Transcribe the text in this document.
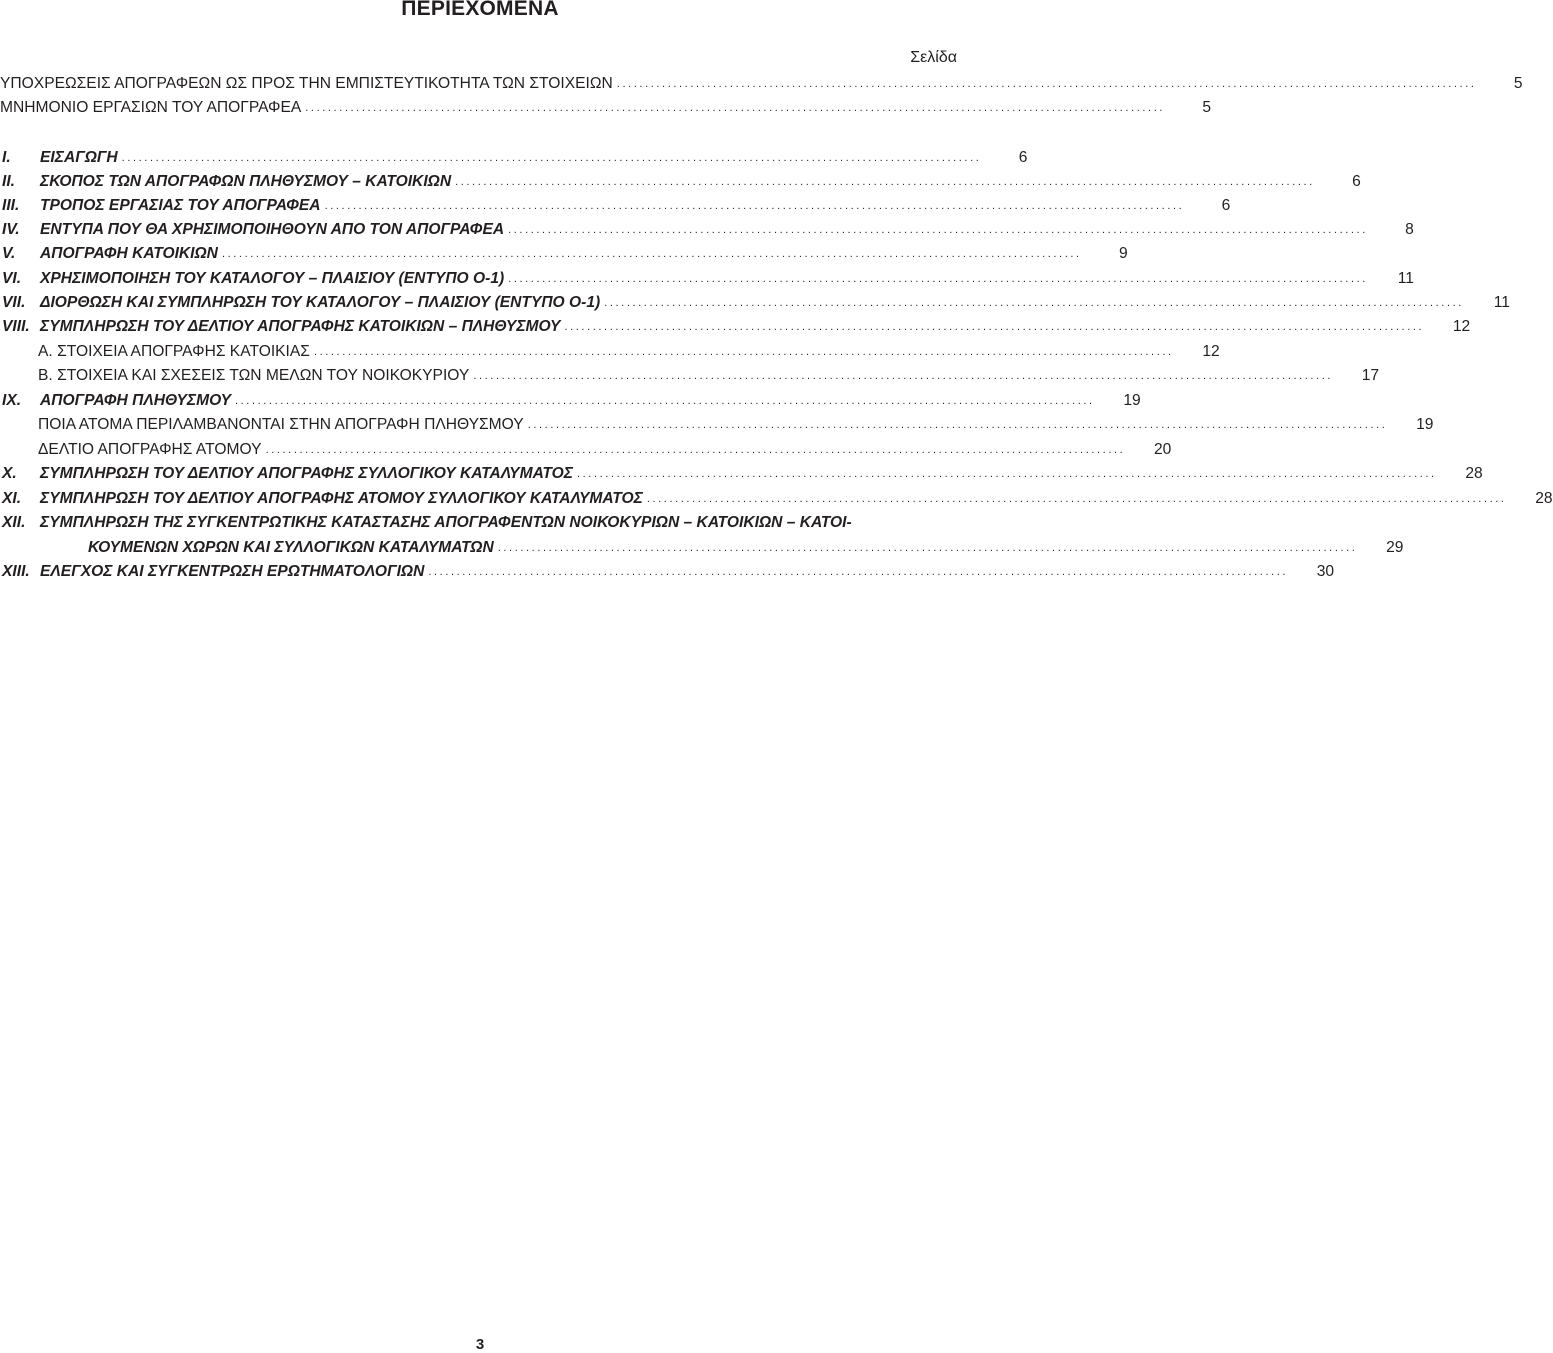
ΠΕΡΙΕΧΟΜΕΝΑ
Σελίδα
ΥΠΟΧΡΕΩΣΕΙΣ ΑΠΟΓΡΑΦΕΩΝ ΩΣ ΠΡΟΣ ΤΗΝ ΕΜΠΙΣΤΕΥΤΙΚΟΤΗΤΑ ΤΩΝ ΣΤΟΙΧΕΙΩΝ ........................................................................................................................................................	5
ΜΝΗΜΟΝΙΟ ΕΡΓΑΣΙΩΝ ΤΟΥ ΑΠΟΓΡΑΦΕΑ ........................................................................................................................................................	5
I.	ΕΙΣΑΓΩΓΗ ........................................................................................................................................................	6
II.	ΣΚΟΠΟΣ ΤΩΝ ΑΠΟΓΡΑΦΩΝ ΠΛΗΘΥΣΜΟΥ – ΚΑΤΟΙΚΙΩΝ ........................................................................................................................................................	6
III.	ΤΡΟΠΟΣ ΕΡΓΑΣΙΑΣ ΤΟΥ ΑΠΟΓΡΑΦΕΑ ........................................................................................................................................................	6
IV.	ΕΝΤΥΠΑ ΠΟΥ ΘΑ ΧΡΗΣΙΜΟΠΟΙΗΘΟΥΝ ΑΠΟ ΤΟΝ ΑΠΟΓΡΑΦΕΑ ........................................................................................................................................................	8
V.	ΑΠΟΓΡΑΦΗ ΚΑΤΟΙΚΙΩΝ ........................................................................................................................................................	9
VI.	ΧΡΗΣΙΜΟΠΟΙΗΣΗ ΤΟΥ ΚΑΤΑΛΟΓΟΥ – ΠΛΑΙΣΙΟΥ (ΕΝΤΥΠΟ Ο-1) ........................................................................................................................................................	11
VII. ΔΙΟΡΘΩΣΗ ΚΑΙ ΣΥΜΠΛΗΡΩΣΗ ΤΟΥ ΚΑΤΑΛΟΓΟΥ – ΠΛΑΙΣΙΟΥ (ΕΝΤΥΠΟ Ο-1) ........................................................................................................................................................	11
VIII. ΣΥΜΠΛΗΡΩΣΗ ΤΟΥ ΔΕΛΤΙΟΥ ΑΠΟΓΡΑΦΗΣ ΚΑΤΟΙΚΙΩΝ – ΠΛΗΘΥΣΜΟΥ ........................................................................................................................................................	12
Α. ΣΤΟΙΧΕΙΑ ΑΠΟΓΡΑΦΗΣ ΚΑΤΟΙΚΙΑΣ ........................................................................................................................................................	12
Β. ΣΤΟΙΧΕΙΑ ΚΑΙ ΣΧΕΣΕΙΣ ΤΩΝ ΜΕΛΩΝ ΤΟΥ ΝΟΙΚΟΚΥΡΙΟΥ ........................................................................................................................................................	17
IX.	ΑΠΟΓΡΑΦΗ ΠΛΗΘΥΣΜΟΥ ........................................................................................................................................................	19
ΠΟΙΑ ΑΤΟΜΑ ΠΕΡΙΛΑΜΒΑΝΟΝΤΑΙ ΣΤΗΝ ΑΠΟΓΡΑΦΗ ΠΛΗΘΥΣΜΟΥ ........................................................................................................................................................	19
ΔΕΛΤΙΟ ΑΠΟΓΡΑΦΗΣ ΑΤΟΜΟΥ ........................................................................................................................................................	20
X.	ΣΥΜΠΛΗΡΩΣΗ ΤΟΥ ΔΕΛΤΙΟΥ ΑΠΟΓΡΑΦΗΣ ΣΥΛΛΟΓΙΚΟΥ ΚΑΤΑΛΥΜΑΤΟΣ ........................................................................................................................................................	28
XI.	ΣΥΜΠΛΗΡΩΣΗ ΤΟΥ ΔΕΛΤΙΟΥ ΑΠΟΓΡΑΦΗΣ ΑΤΟΜΟΥ ΣΥΛΛΟΓΙΚΟΥ ΚΑΤΑΛΥΜΑΤΟΣ ........................................................................................................................................................	28
XII. ΣΥΜΠΛΗΡΩΣΗ ΤΗΣ ΣΥΓΚΕΝΤΡΩΤΙΚΗΣ ΚΑΤΑΣΤΑΣΗΣ ΑΠΟΓΡΑΦΕΝΤΩΝ ΝΟΙΚΟΚΥΡΙΩΝ – ΚΑΤΟΙΚΙΩΝ – ΚΑΤΟΙ-
ΚΟΥΜΕΝΩΝ ΧΩΡΩΝ ΚΑΙ ΣΥΛΛΟΓΙΚΩΝ ΚΑΤΑΛΥΜΑΤΩΝ ........................................................................................................................................................	29
XIII. ΕΛΕΓΧΟΣ ΚΑΙ ΣΥΓΚΕΝΤΡΩΣΗ ΕΡΩΤΗΜΑΤΟΛΟΓΙΩΝ ........................................................................................................................................................	30
3
